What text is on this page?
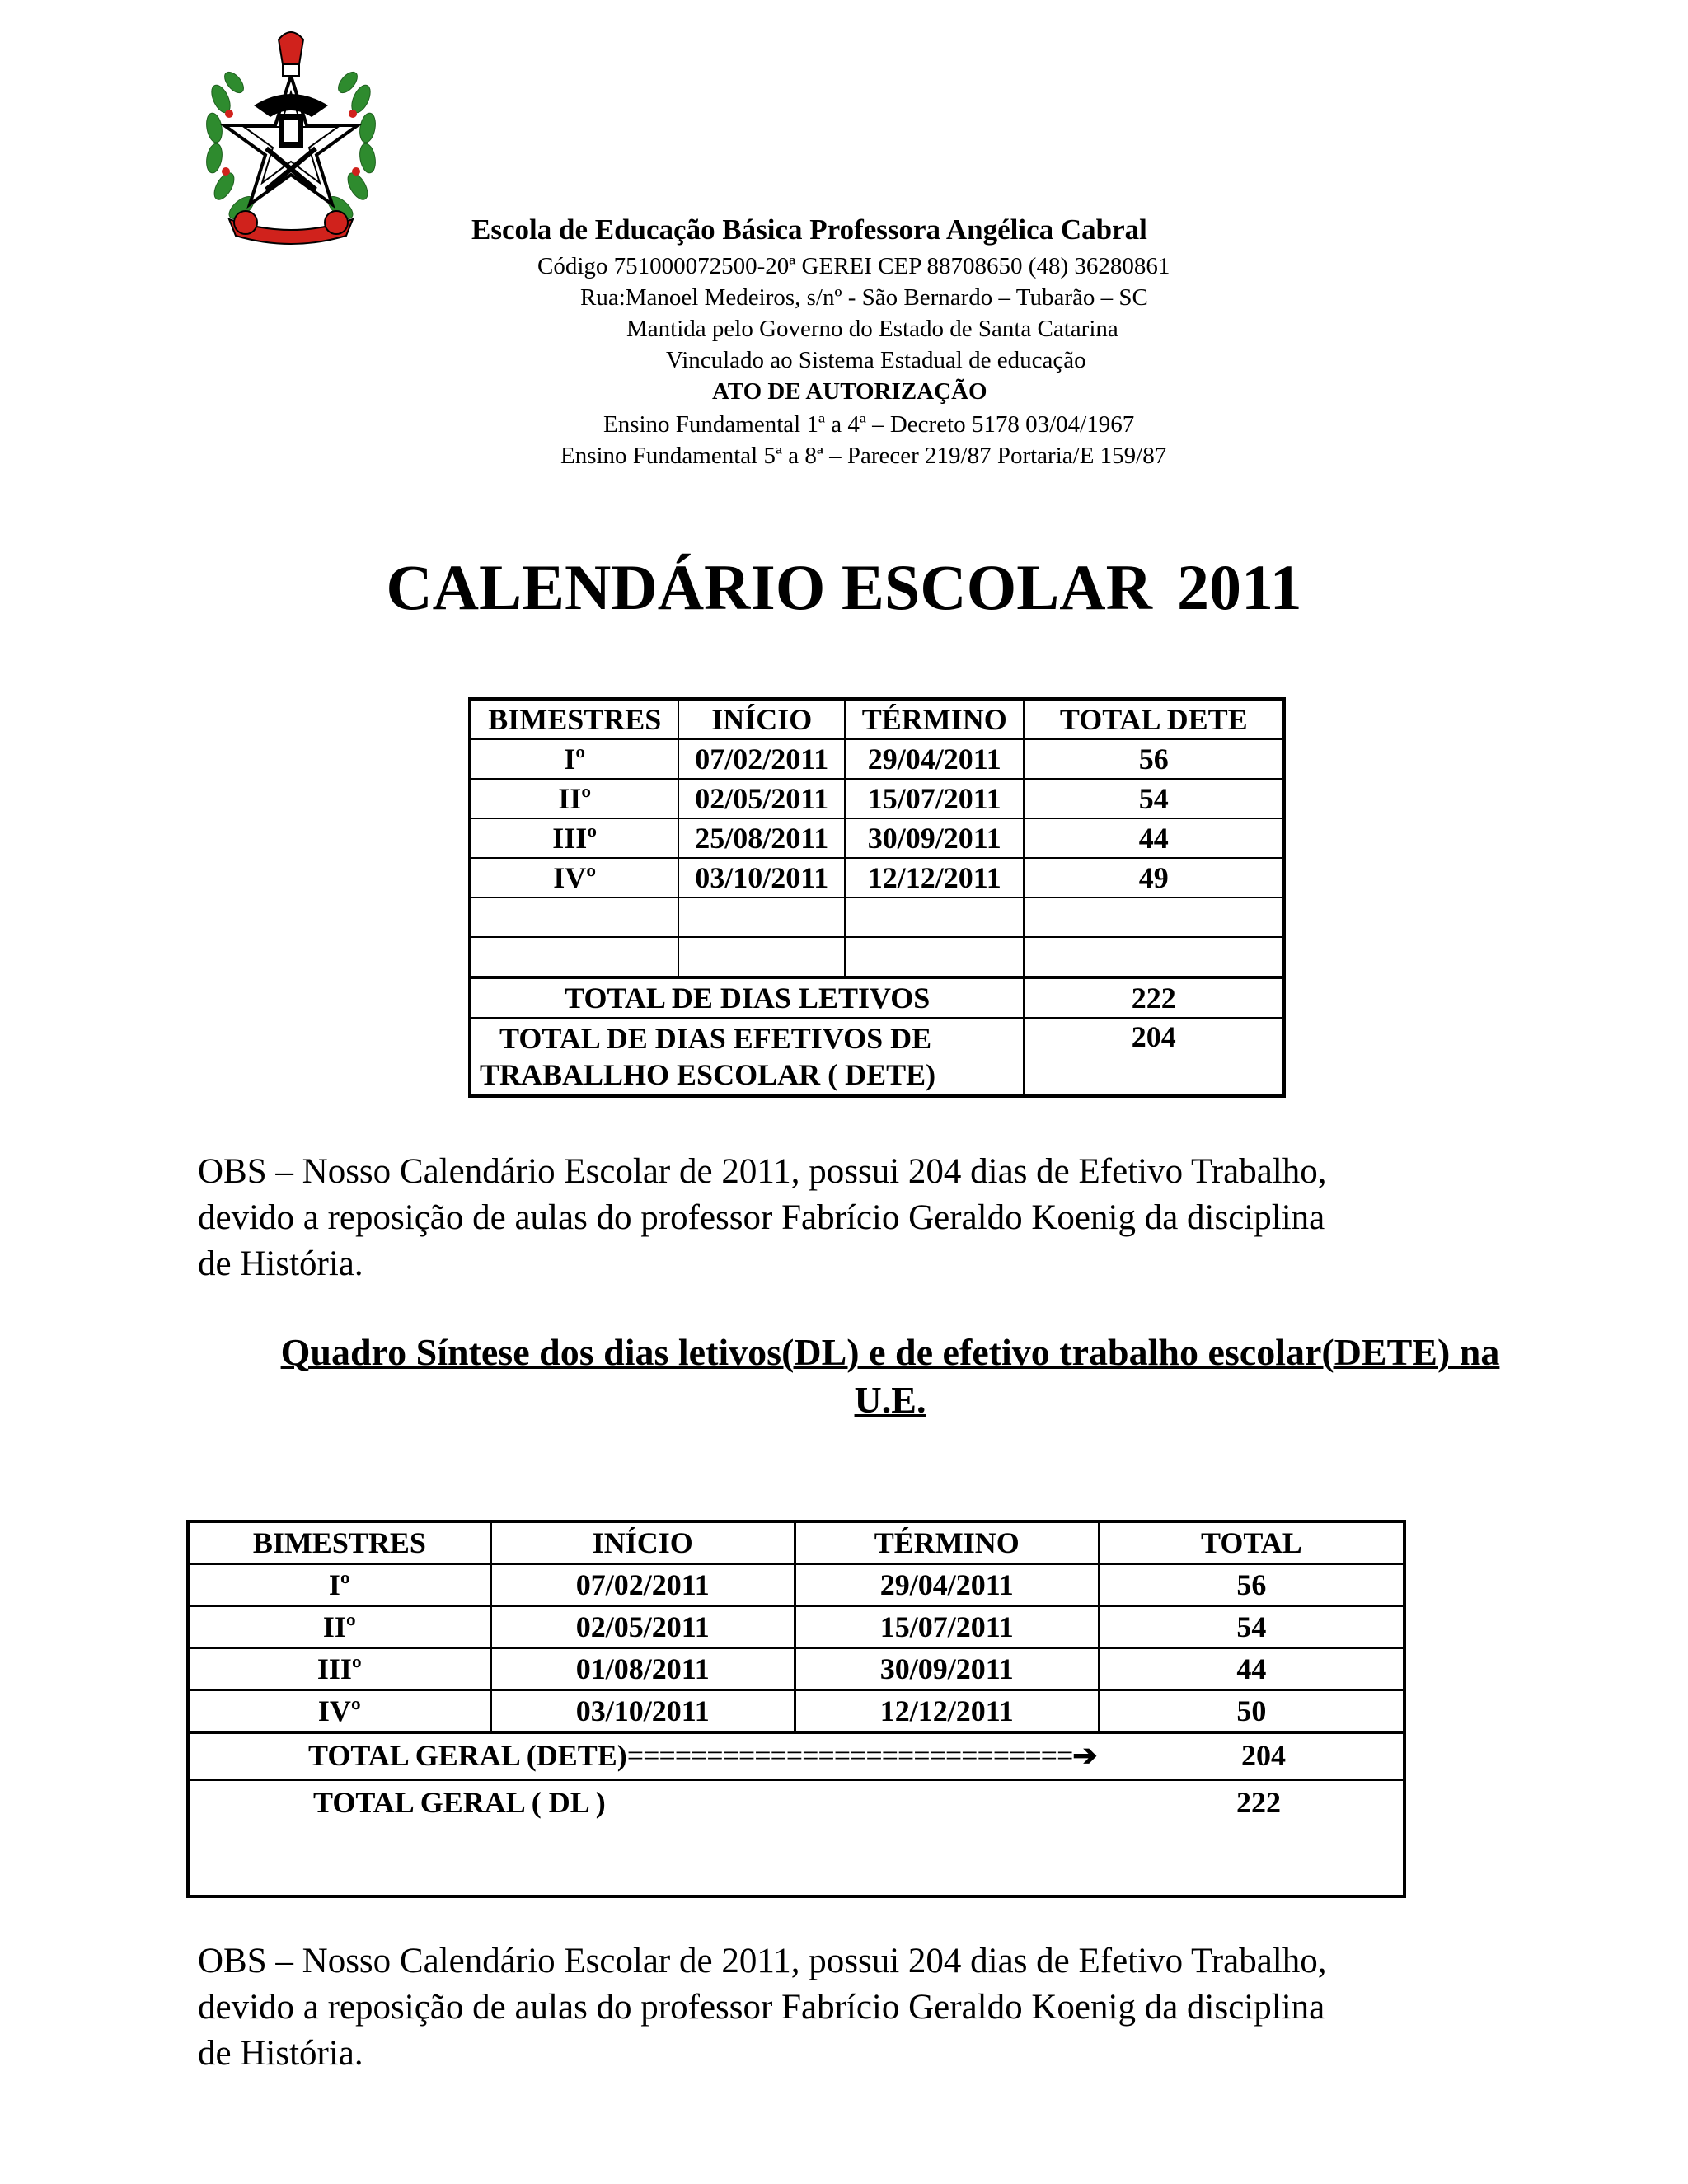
Escola de Educação Básica Professora Angélica Cabral
Código 751000072500-20ª GEREI CEP 88708650 (48) 36280861
Rua:Manoel Medeiros, s/nº - São Bernardo – Tubarão – SC
Mantida pelo Governo do Estado de Santa Catarina
Vinculado ao Sistema Estadual de educação
ATO DE AUTORIZAÇÃO
Ensino Fundamental 1ª a 4ª – Decreto 5178 03/04/1967
Ensino Fundamental 5ª a 8ª – Parecer 219/87 Portaria/E 159/87
CALENDÁRIO ESCOLAR 2011
BIMESTRES	INÍCIO	TÉRMINO	TOTAL DETE
Iº	07/02/2011	29/04/2011	56
IIº	02/05/2011	15/07/2011	54
IIIº	25/08/2011	30/09/2011	44
IVº	03/10/2011	12/12/2011	49

TOTAL DE DIAS LETIVOS			222

TOTAL DE DIAS EFETIVOS DE
TRABALLHO ESCOLAR ( DETE)			204
OBS – Nosso Calendário Escolar de 2011, possui 204 dias de Efetivo Trabalho,
devido a reposição de aulas do professor Fabrício Geraldo Koenig da disciplina
de História.
Quadro Síntese dos dias letivos(DL) e de efetivo trabalho escolar(DETE) na
U.E.
BIMESTRES	INÍCIO	TÉRMINO	TOTAL
Iº	07/02/2011	29/04/2011	56
IIº	02/05/2011	15/07/2011	54
IIIº	01/08/2011	30/09/2011	44
IVº	03/10/2011	12/12/2011	50

TOTAL GERAL (DETE)============================➔ 204			

TOTAL GERAL ( DL ) 222			

OBS – Nosso Calendário Escolar de 2011, possui 204 dias de Efetivo Trabalho,
devido a reposição de aulas do professor Fabrício Geraldo Koenig da disciplina
de História.
